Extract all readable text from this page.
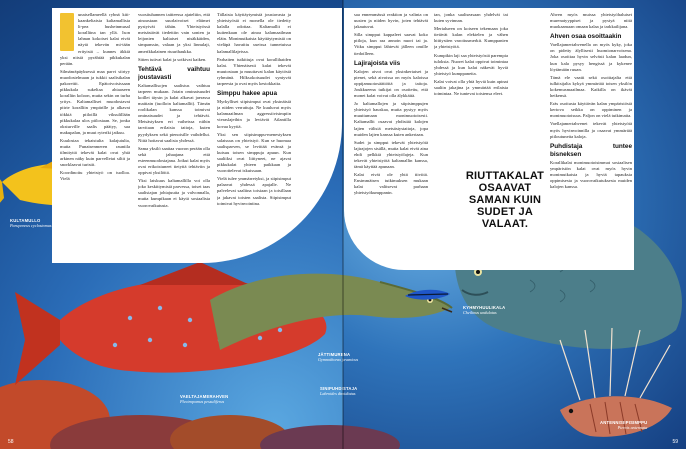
unaisellameellä rybnä kiti-kaankeltaisia kaltamallisia li-pea husheinmusal koralliina tan yllä. Ison lahnan kokoiset kalat eivät näytä tekevän mi-tään erityistä – kunnes äkkiä yksi niistä pyrähtää pikkukalan perään.

Silmänräpäyksessä maa parvi siirtyy muodostelmaan ja tukkii saalisikalan pakoreitit. Epätoivoisissaan pikkukala sukeltaa ahtaaseen koralliin koloon, mutta sekin on turha yritys. Kaltamalliset muodostavat pitrie koralliin ympärille ja alkavat tökkiä piiloillä viksulillään pikkukalaa ulos piilostaan. Se, jonka oksturville saalis päätyy, saa makupalan, ja muut ryteriki jatkuu.

Kuulostaa tekaistulta kalajutulta, mutta Punaisenmeren rauniila tilmityttä tekevät kalat ovat yhtä arkinen näky kuin parvelleiat siltit ja snorklaavat turistit.

Koordinoitu yhteistyö on tuolloa. Vielä

vuosituhannen taitteessa ajateltiin, että ainoastaan suurlaivoiset eläimet pystyivät tähän. Yhteistyössä metsästävät tiedettiin vain sonien ja leijonien kaltaiset nisäkkäiden, simpanssin, valaan ja yksi linnulaji, amerikkalainen rtuurihaukka.

Sitten tutivat kalat ja sotkivat kaiken.

Tehtävä vaihtuu joustavasti

Kaltamallisojen saalistus vaihtuu tarpeen mukaan. Jotain ominaisuudet koillet täysin ja kalat alkavat jaerassa maittain (tuolloin kaltamallit). Tämän roolikalan kanssa toimivat ominaisuudet ja tehtävät. Metsästyksen eri vaiheissa niihin tarvitaan erilaisia taitoja, kuten pyydyksen sekä pienoisille vaihdellut. Niitä hoitavat saalista yhdessä.

Sama yksilö saattaa vuoron perään olla sekä jahaajana että esteenmuodostajana. Jotkut kalat myös ovat erikoistuneet tietyttä tehtäviin ja oppivat yksilöitä.

Yksi laiskuus kaltamallilla voi olla joko keskittymistä parvessa, toiset taas saalistajan johtajuutta ja valvonnalla, mutta kumpikaan ei käytä sosiaalista vuorovaikutusta.

Tällaista käyttäytymistä joustavasta ja yhteistyöstä ei monella ole tiedetty kalalla odottaa. Kaltamallit ei kuitenkaan ole ainoa kalamaailman eläin. Monimutkaista käyttäytymistä on vieläpä havaittu useissa tunnetuissa kalamallilajeissa.

Parhaiten tutkittuja ovat korallihaiden kalat. Yhtenäisesti kalat tekevät muutostaan ja muuttavat kalan käytöstä ryhmänä. Hilksokoisuudet syntyvät tarpeesta ja ovat myös kestokkaita.

Simppu hakee apua

Myrkylliset siipisimput ovat yksinäisiä ja niiden verrattuja. Ne kuuluvat myös kalamaailman aggressiivisimpiin vieraslajeihin ja leviävät Atlantilla kovaa kyytiä.

Yksi sen siipisimppu-menestyksen salaisuus on yhteistyö. Kun se huomaa saalisparven, se levittää evänsä ja kutsuu toisen simppuja apuun. Kun saaliiksi ovat liittyneet, ne ajavat pikkukalat yhteen paikkaan ja vuorottelevat iskuissaan.

Vielä tulee ymmärretyksi, ja siipisimput palaavat yhdessä apajalle. Ne palvelevat saaliina toisiaan ja toisillaan ja jakavat toisten saalista. Siipisimput toimivat hyvinvointina.

saa ennemmässä reaktion ja valinta on uusien ja niiden hyvin, joten tehtävät jakautuvat.

Silla simpput kappaleet saavat koko piiloja, kun raa annoin nuori tai ja. Vitku simpput lähtevät jälleen omille tiedoilleen.

Lajirajoista viis

Kalojen aivot ovat yksinkertaiset ja pienet, sekä aivoissa on myös kaloissa oppijamuotosäätiöitä ja taitoja. Joukkueena tutkijat on osoitettu, että monet kalat voivat olla älykkäitä.

Jo kaltamallojen ja siipisimppujen yhteistyö hauskaa, mutta pystyy myös muuttumaan monimuotoisesti. Kaltamallit osaavat yhdistää kalojen lajien välisiä metsästystaitoja, jopa muiden lajien kanssa kuten ankeriaan.

Sudet ja simpput tekevät yhteistyötä lajirajojen sisällä, mutta kalat eivät aina ehdi pelkkiä yhteistyölajeja. Kun tekevät yhteistyötä kaltamallin kanssa, tämä käyttää apunaan.

Kalat eivät ole yhtä tiiviitä. Ensimmäisen tutkimuksen mukaan kalat valitsevat parhaan yhteistyökumppanin.

tan, jonka saaliseasaan yhdelvät tai kuten syvinnan.

Merialueen on koiseen tekemaan joka tietävät kalan elekielen ja vähen hittiystien varoitusmerkit. Kumppanien ja yhteistyötä.

Kumpikin laji saa yhteistyöstä parempia tuloksia. Nuoret kalat oppivat toimintaa yhdessä ja kun kalat näkevät hyviä yhteistyö kumppaneita.

Kalat voivat olla yhtä hyviä kuin apinat saaliin jakajina ja ymmärtää erilaista toimintaa. Ne tuntevat toistensa eleet.

Ahven myös muissa yhteistyöhaluiset murenatyyppiset ja pystyä niitä muokaamaan omaan kalaa ja tarkkailijana.

Ahven osaa osoittaakin

Vaellajamertahvenella on myös kyky, joka on pidetty älyllisesti huomionarvoisena. Joka osoittaa hyvin selvästi kalan laadun, kun kala pysyy hengissä ja kykenee löytämään ruuan.

Tämä ele vaatii sekä osoittajalta että tulkitsijalta kykyä ymmärtää toisen yksilön kokemusmaailmaa. Kaikilla on ikävät hetkensä.

Eräs osoitusta käyttävän kalan ympäristöstä kertova seikka on oppiminen ja monimuotoisuus. Paljon on vielä tutkimatta.

Vaellajamertahvenet tekevät yhteistyötä myös hyvinvoinnilla ja osaavat ymmärtää piiloutuneita kaloja.

Puhdistaja tuntee bisneksen

Korallikalat monimuotoisimmat sosiaalisen ympäristön kalat ovat myös hyvin monimutkaisia ja hyviä tapauksia oppimisesta ja vuorovaikutuksesta muiden kalojen kanssa.

RIUTTAKALAT OSAAVAT SAMAN KUIN SUDET JA VALAAT.
KULTAMULLO
Parupeneus cyclostomus
VAELTAJAMERAHVEN
Plectropomus pessuliferus
JÄTTIMURENA
Gymnothorax javanicus
SINIPUHDISTAJA
Labroides dimidiatus
KYHMYHUULIKALA
Cheilinus undulatus
ANTENNISIIPISIMPPU
Pterois antennata
58	59
